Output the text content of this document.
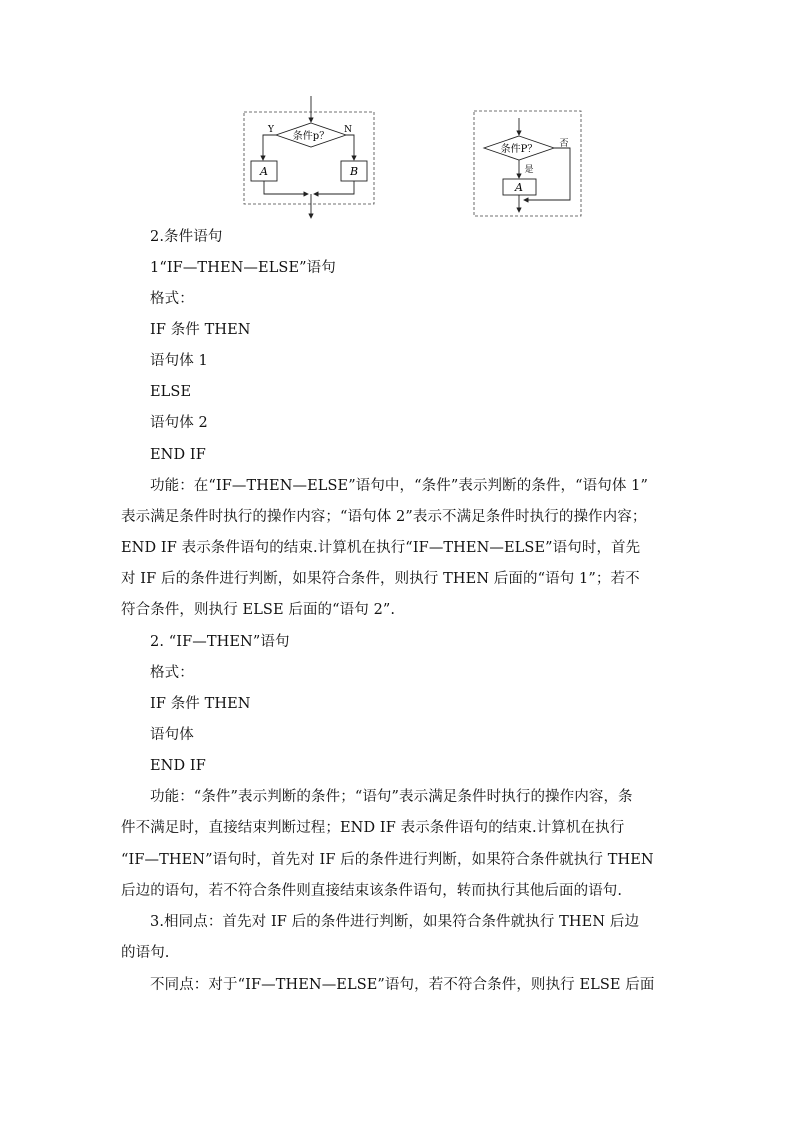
条件p？
Y	N
A	B
条件P？ 否
是
A
2.条件语句
1“IF—THEN—ELSE”语句
格式：
IF 条件 THEN
语句体 1
ELSE
语句体 2
END IF
功能：在“IF—THEN—ELSE”语句中，“条件”表示判断的条件，“语句体 1”
表示满足条件时执行的操作内容；“语句体 2”表示不满足条件时执行的操作内容；
END IF 表示条件语句的结束.计算机在执行“IF—THEN—ELSE”语句时，首先
对 IF 后的条件进行判断，如果符合条件，则执行 THEN 后面的“语句 1”；若不
符合条件，则执行 ELSE 后面的“语句 2”.
2. “IF—THEN”语句
格式：
IF 条件 THEN
语句体
END IF
功能：“条件”表示判断的条件；“语句”表示满足条件时执行的操作内容，条
件不满足时，直接结束判断过程；END IF 表示条件语句的结束.计算机在执行
“IF—THEN”语句时，首先对 IF 后的条件进行判断，如果符合条件就执行 THEN
后边的语句，若不符合条件则直接结束该条件语句，转而执行其他后面的语句.
3.相同点：首先对 IF 后的条件进行判断，如果符合条件就执行 THEN 后边
的语句.
不同点：对于“IF—THEN—ELSE”语句，若不符合条件，则执行 ELSE 后面
